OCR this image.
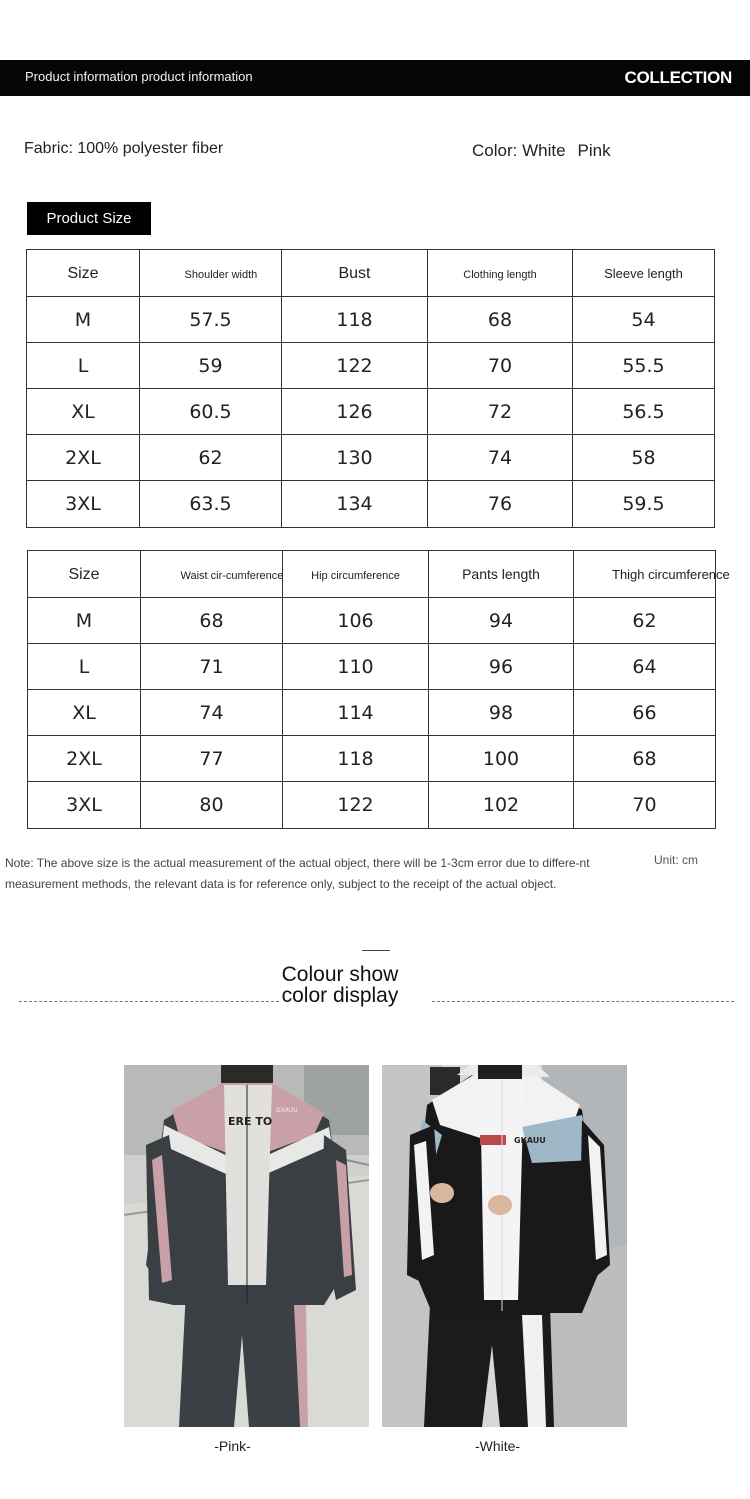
Product information product information	COLLECTION
Fabric: 100% polyester fiber	Color: White Pink
Product Size
Size	Shoulder width	Bust	Clothing length	Sleeve length
M	57.5	118	68	54
L	59	122	70	55.5
XL	60.5	126	72	56.5
2XL	62	130	74	58
3XL	63.5	134	76	59.5
Size	Waist cir-cumference	Hip circumference	Pants length	Thigh circumference
M	68	106	94	62
L	71	110	96	64
XL	74	114	98	66
2XL	77	118	100	68
3XL	80	122	102	70
Note: The above size is the actual measurement of the actual object, there will be 1-3cm error due to differe-nt measurement methods, the relevant data is for reference only, subject to the receipt of the actual object.
Unit: cm
Colour show
color display
ERE TO
GXAUU
GKAUU
-Pink-	-White-
